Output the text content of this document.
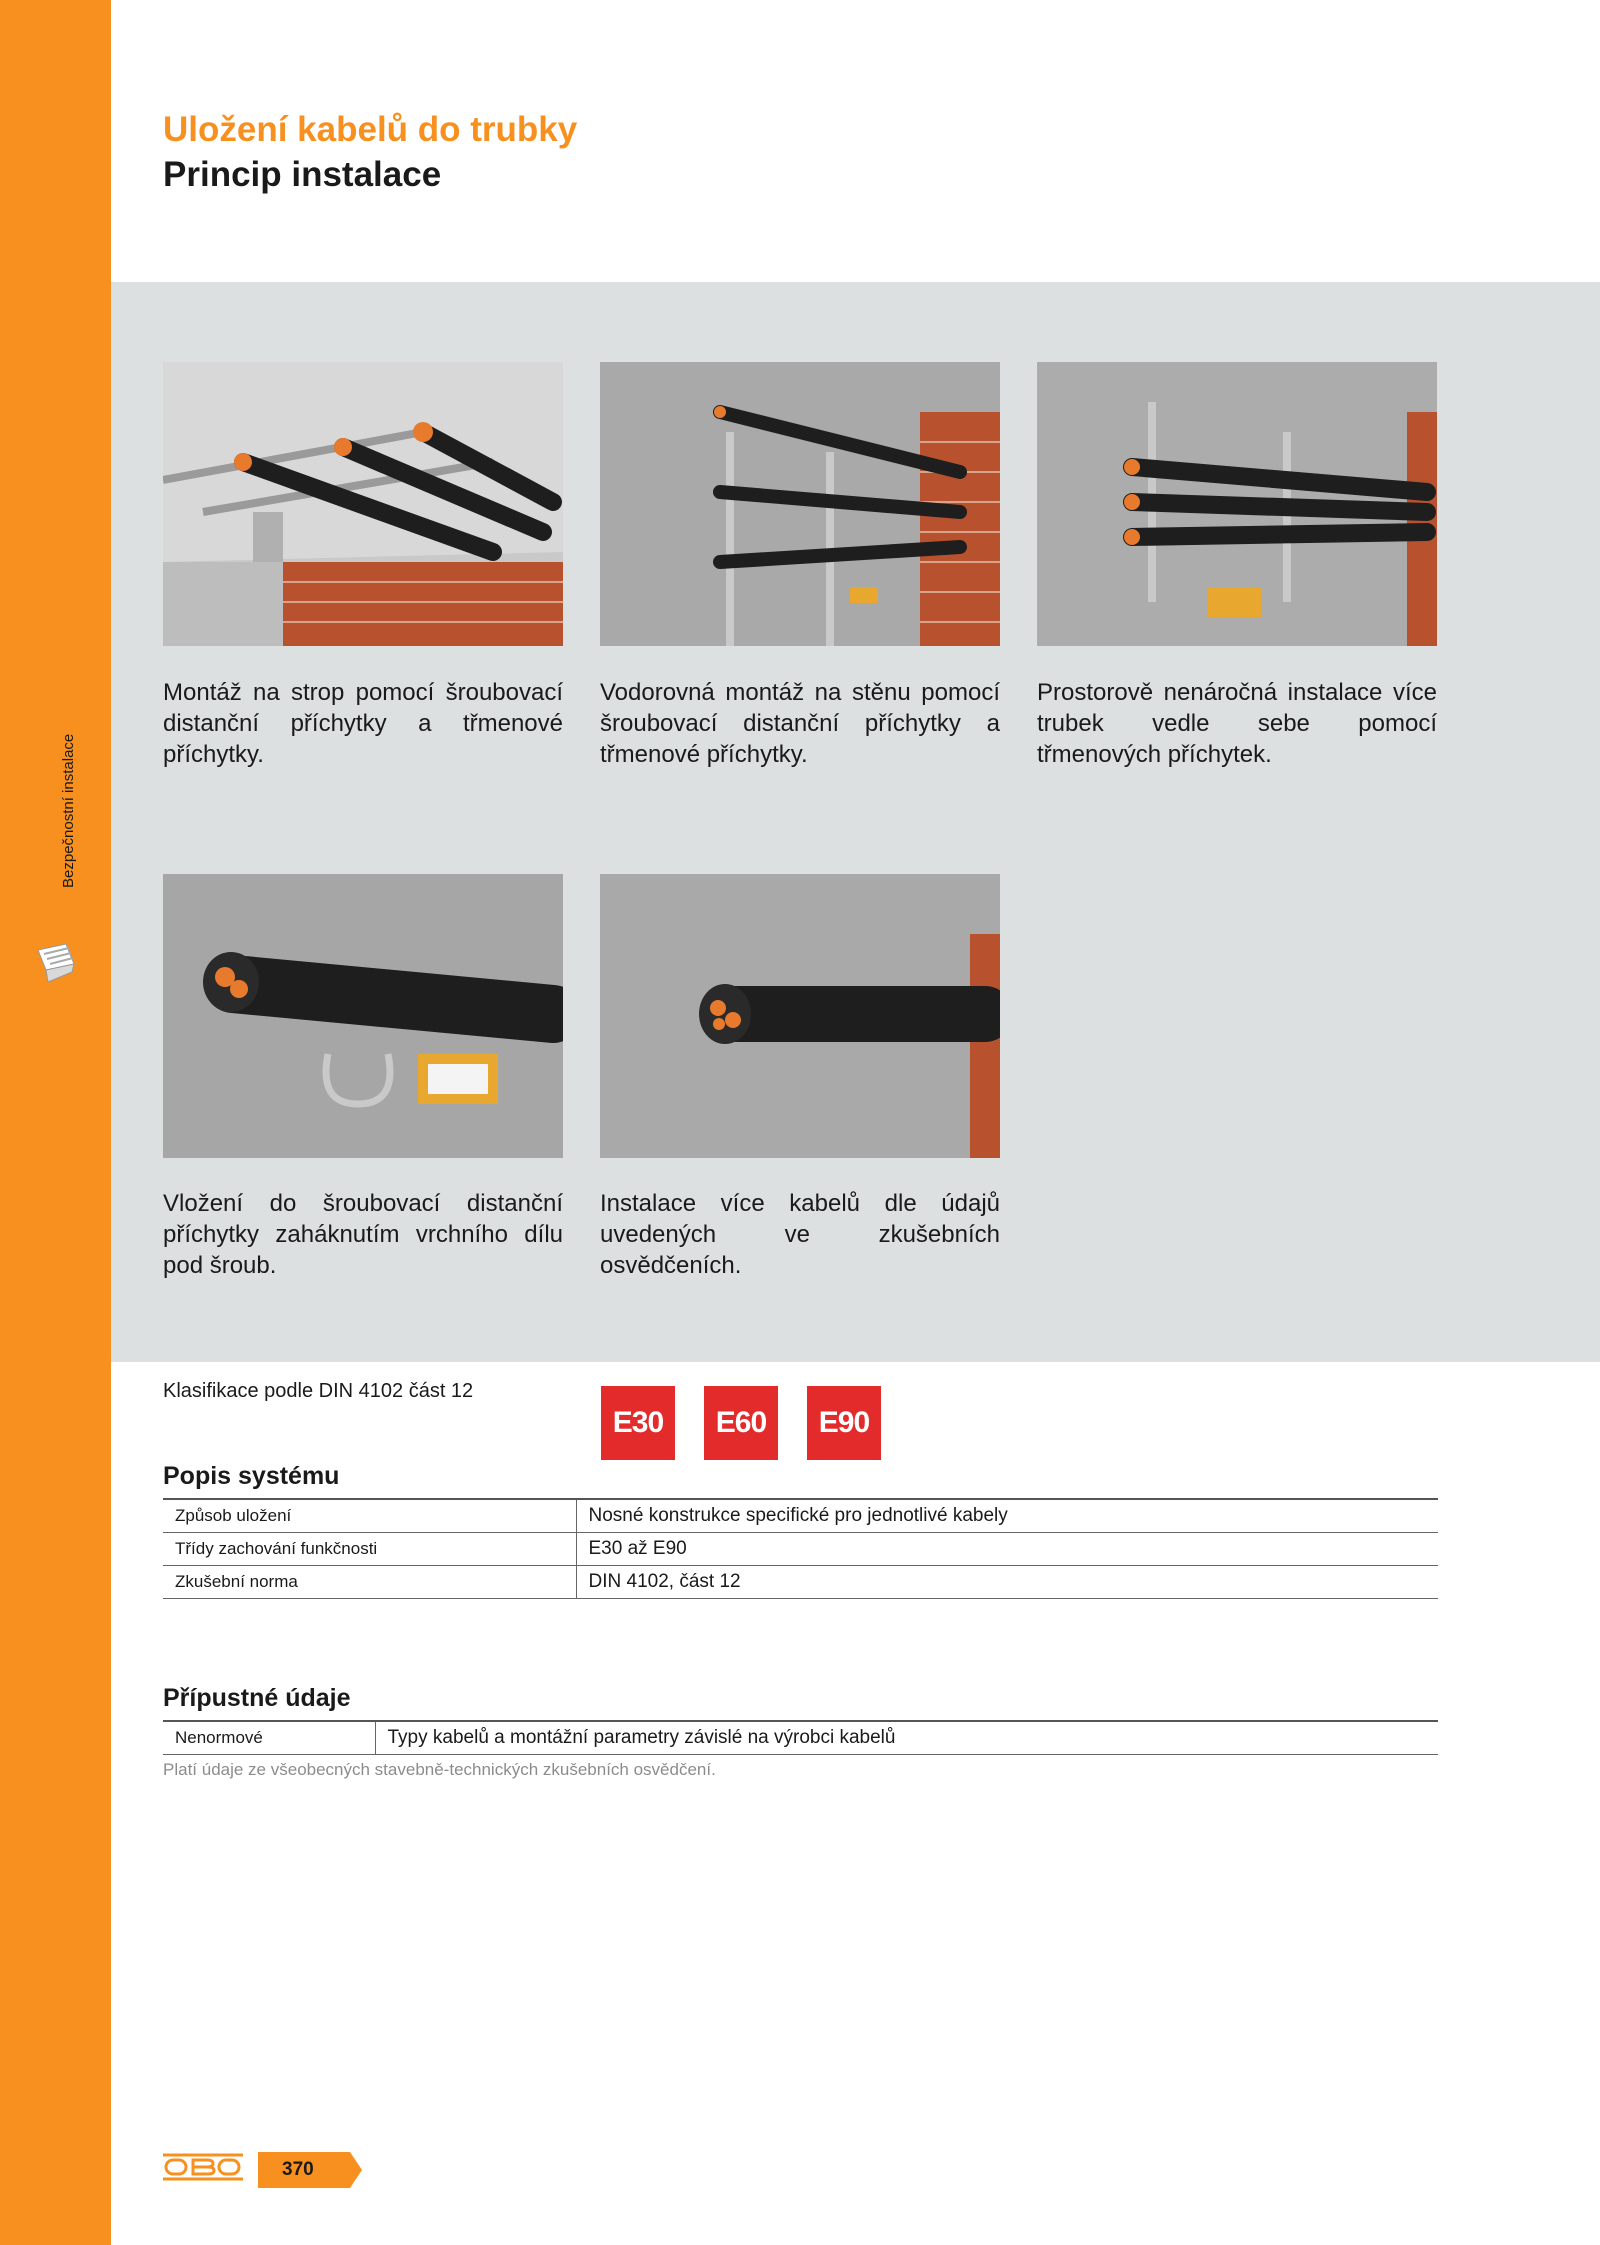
Bezpečnostní instalace
Uložení kabelů do trubky
Princip instalace
Montáž na strop pomocí šroubovací distanční příchytky a třmenové příchytky.
Vodorovná montáž na stěnu pomocí šroubovací distanční příchytky a třmenové příchytky.
Prostorově nenáročná instalace více trubek vedle sebe pomocí třmenových příchytek.
Vložení do šroubovací distanční příchytky zaháknutím vrchního dílu pod šroub.
Instalace více kabelů dle údajů uvedených ve zkušebních osvědčeních.
Klasifikace podle DIN 4102 část 12
E30	E60	E90
Popis systému
Způsob uložení	Nosné konstrukce specifické pro jednotlivé kabely
Třídy zachování funkčnosti	E30 až E90
Zkušební norma	DIN 4102, část 12
Přípustné údaje
Nenormové	Typy kabelů a montážní parametry závislé na výrobci kabelů
Platí údaje ze všeobecných stavebně-technických zkušebních osvědčení.
370
